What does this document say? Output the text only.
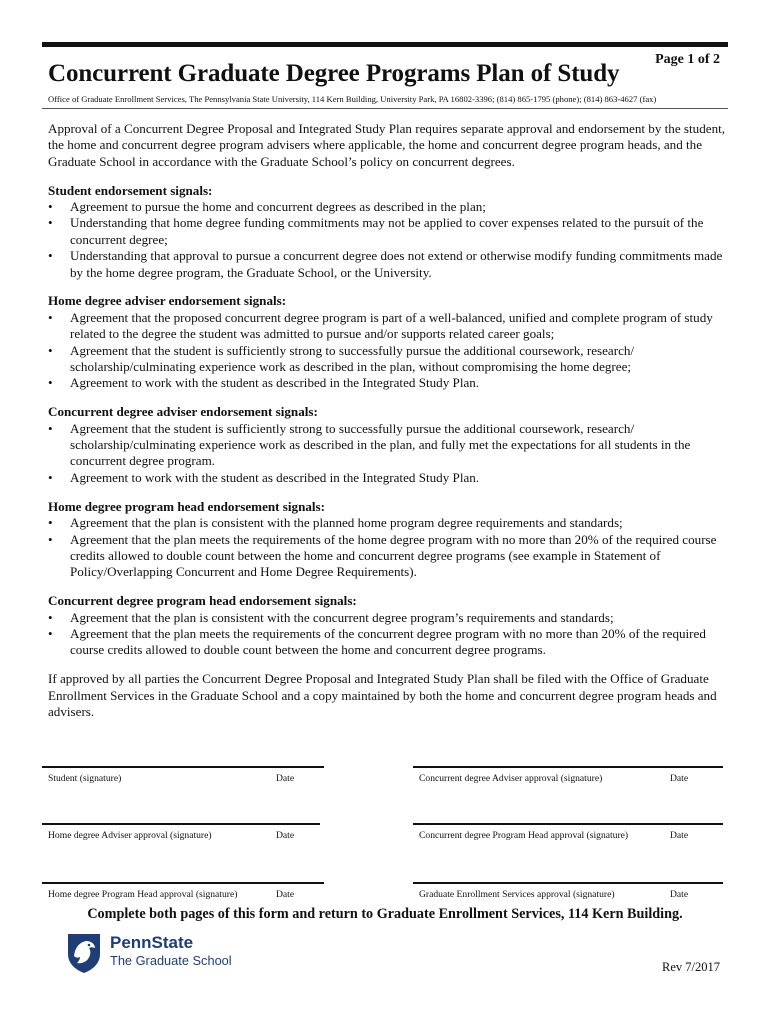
Page 1 of 2
Concurrent Graduate Degree Programs Plan of Study
Office of Graduate Enrollment Services, The Pennsylvania State University, 114 Kern Building, University Park, PA 16802-3396; (814) 865-1795 (phone); (814) 863-4627 (fax)

Approval of a Concurrent Degree Proposal and Integrated Study Plan requires separate approval and endorsement by the student, the home and concurrent degree program advisers where applicable, the home and concurrent degree program heads, and the Graduate School in accordance with the Graduate School’s policy on concurrent degrees.

Student endorsement signals:
• Agreement to pursue the home and concurrent degrees as described in the plan;
• Understanding that home degree funding commitments may not be applied to cover expenses related to the pursuit of the concurrent degree;
• Understanding that approval to pursue a concurrent degree does not extend or otherwise modify funding commitments made by the home degree program, the Graduate School, or the University.
Home degree adviser endorsement signals:
• Agreement that the proposed concurrent degree program is part of a well-balanced, unified and complete program of study related to the degree the student was admitted to pursue and/or supports related career goals;
• Agreement that the student is sufficiently strong to successfully pursue the additional coursework, research/ scholarship/culminating experience work as described in the plan, without compromising the home degree;
• Agreement to work with the student as described in the Integrated Study Plan.
Concurrent degree adviser endorsement signals:
• Agreement that the student is sufficiently strong to successfully pursue the additional coursework, research/ scholarship/culminating experience work as described in the plan, and fully met the expectations for all students in the concurrent degree program.
• Agreement to work with the student as described in the Integrated Study Plan.
Home degree program head endorsement signals:
• Agreement that the plan is consistent with the planned home program degree requirements and standards;
• Agreement that the plan meets the requirements of the home degree program with no more than 20% of the required course credits allowed to double count between the home and concurrent degree programs (see example in Statement of Policy/Overlapping Concurrent and Home Degree Requirements).
Concurrent degree program head endorsement signals:
• Agreement that the plan is consistent with the concurrent degree program’s requirements and standards;
• Agreement that the plan meets the requirements of the concurrent degree program with no more than 20% of the required course credits allowed to double count between the home and concurrent degree programs.

If approved by all parties the Concurrent Degree Proposal and Integrated Study Plan shall be filed with the Office of Graduate Enrollment Services in the Graduate School and a copy maintained by both the home and concurrent degree program heads and advisers.

Student (signature)	Date	Concurrent degree Adviser approval (signature)	Date
Home degree Adviser approval (signature)	Date	Concurrent degree Program Head approval (signature)	Date
Home degree Program Head approval (signature)	Date	Graduate Enrollment Services approval (signature)	Date
Complete both pages of this form and return to Graduate Enrollment Services, 114 Kern Building.
PennState
The Graduate School	Rev 7/2017
